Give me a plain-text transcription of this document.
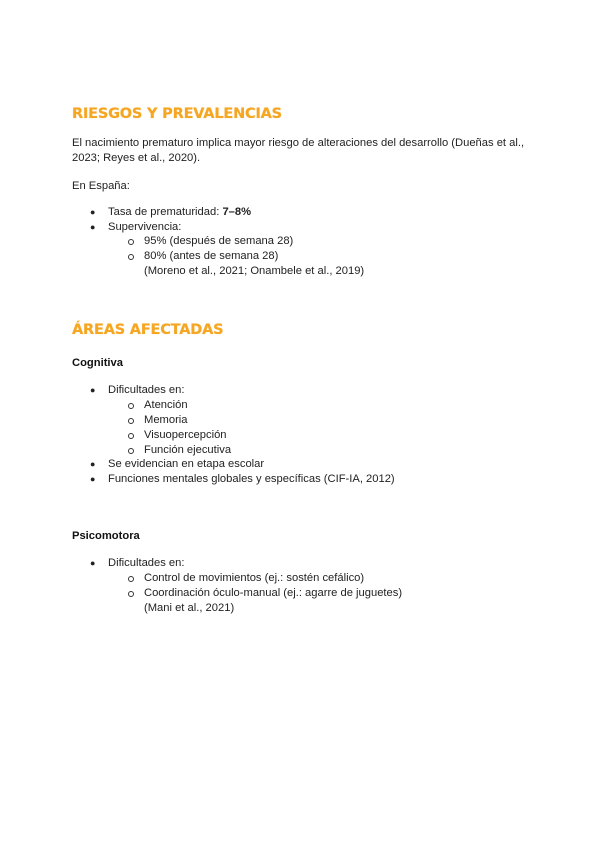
RIESGOS Y PREVALENCIAS
El nacimiento prematuro implica mayor riesgo de alteraciones del desarrollo (Dueñas et al.,
2023; Reyes et al., 2020).
En España:
● Tasa de prematuridad: 7–8%
● Supervivencia:
95% (después de semana 28)
80% (antes de semana 28)
(Moreno et al., 2021; Onambele et al., 2019)
ÁREAS AFECTADAS
Cognitiva
● Dificultades en:
Atención
Memoria
Visuopercepción
Función ejecutiva
● Se evidencian en etapa escolar
● Funciones mentales globales y específicas (CIF-IA, 2012)
Psicomotora
● Dificultades en:
Control de movimientos (ej.: sostén cefálico)
Coordinación óculo-manual (ej.: agarre de juguetes)
(Mani et al., 2021)
